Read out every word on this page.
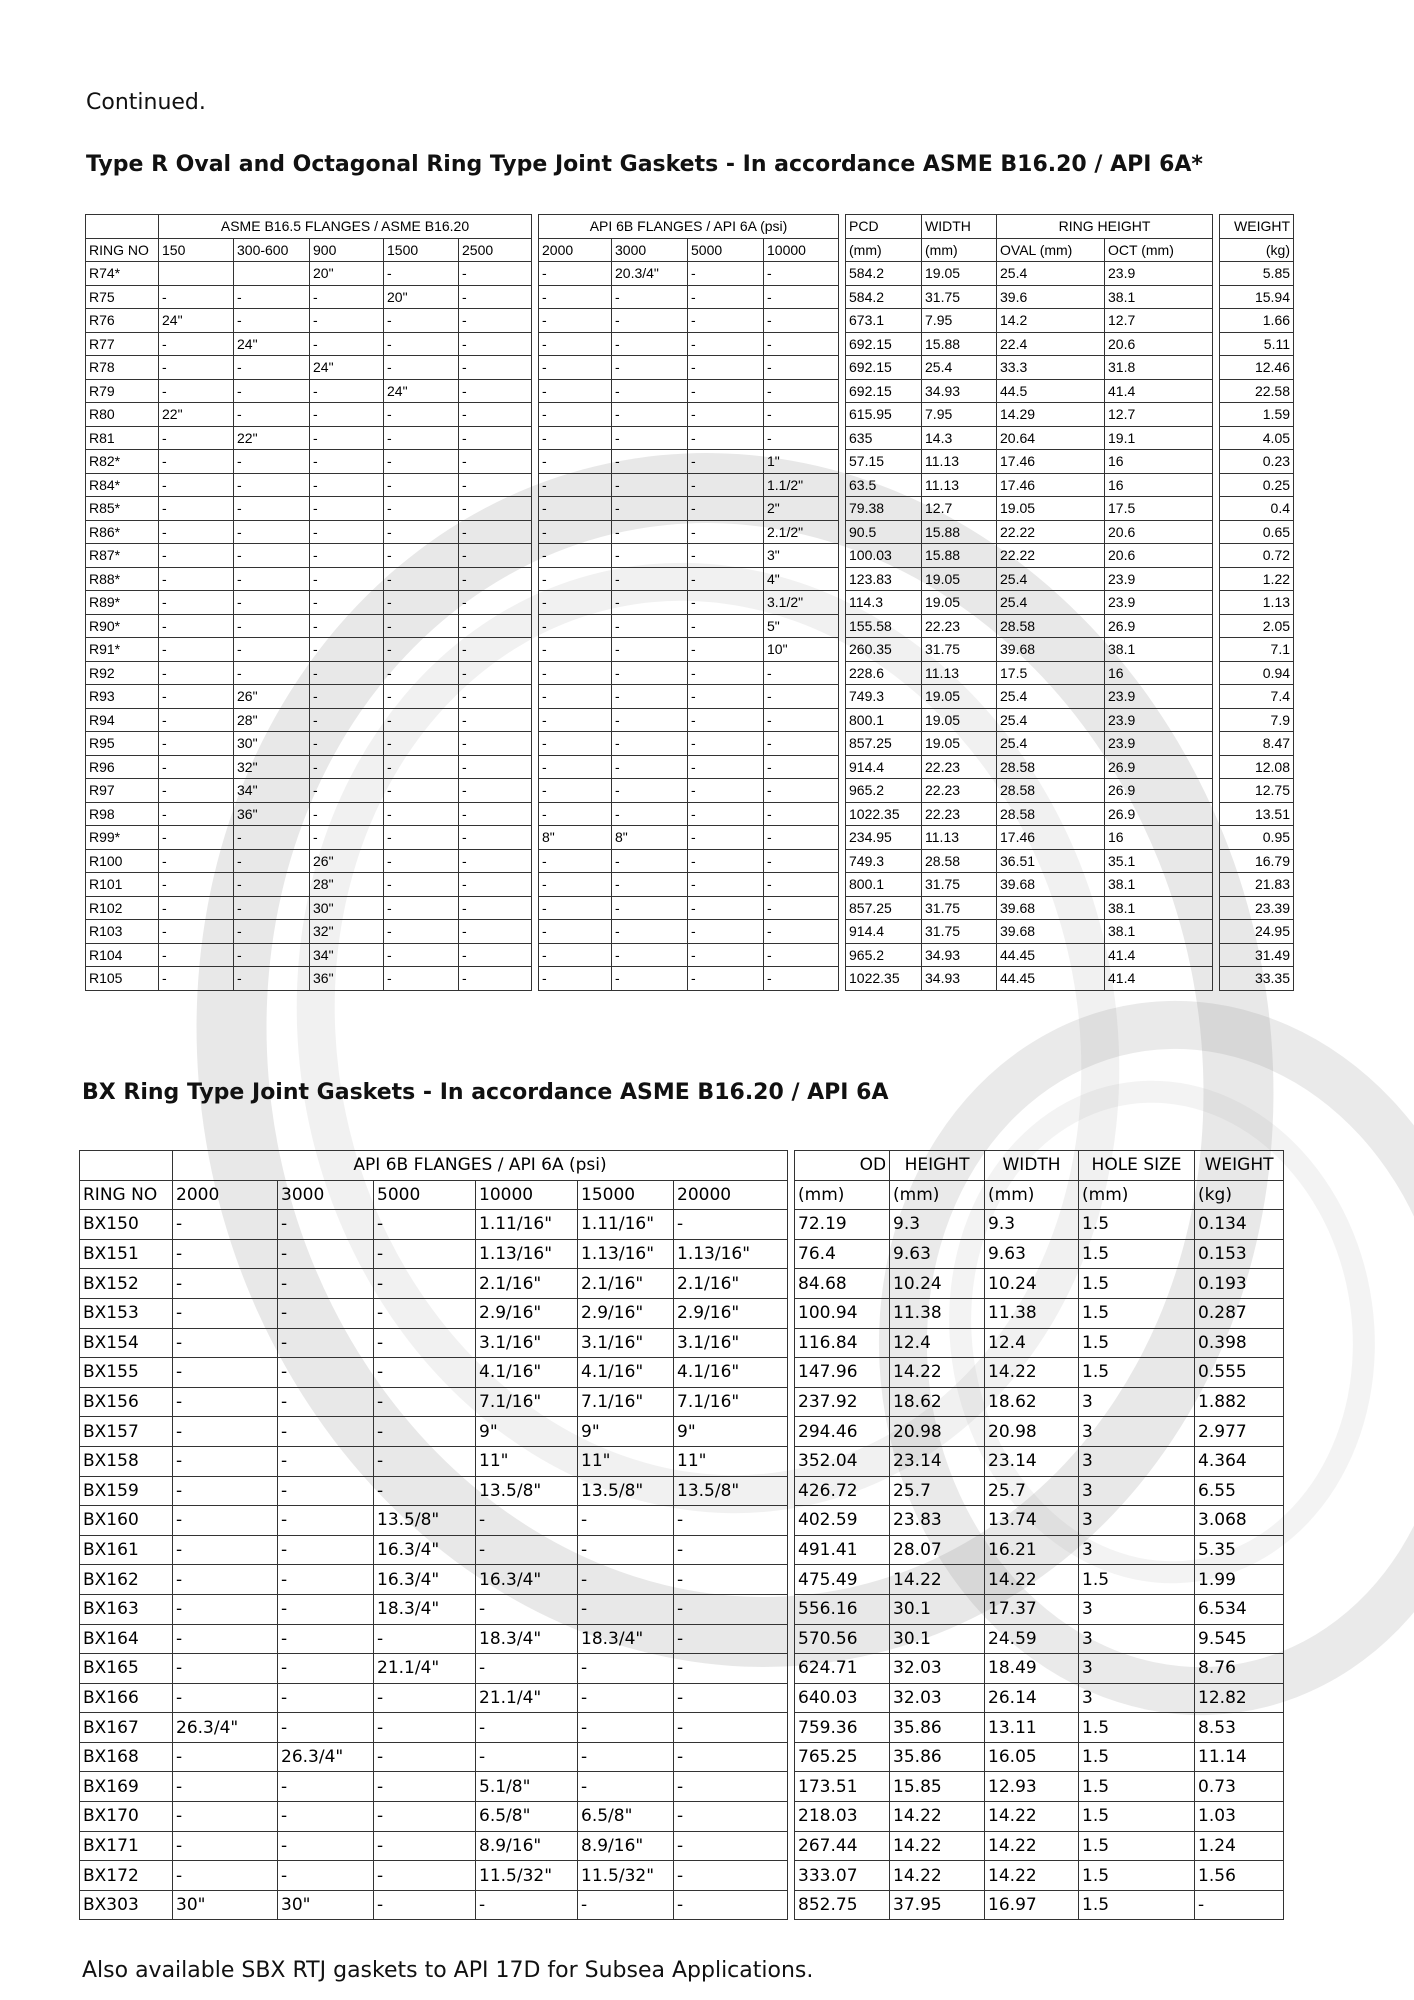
Continued.
Type R Oval and Octagonal Ring Type Joint Gaskets - In accordance ASME B16.20 / API 6A*
	ASME B16.5 FLANGES / ASME B16.20						API 6B FLANGES / API 6A (psi)					PCD	WIDTH	RING HEIGHT			WEIGHT
RING NO	150	300-600	900	1500	2500		2000	3000	5000	10000		(mm)	(mm)	OVAL (mm)	OCT (mm)		(kg)
R74*			20"	-	-		-	20.3/4"	-	-		584.2	19.05	25.4	23.9		5.85
R75	-	-	-	20"	-		-	-	-	-		584.2	31.75	39.6	38.1		15.94
R76	24"	-	-	-	-		-	-	-	-		673.1	7.95	14.2	12.7		1.66
R77	-	24"	-	-	-		-	-	-	-		692.15	15.88	22.4	20.6		5.11
R78	-	-	24"	-	-		-	-	-	-		692.15	25.4	33.3	31.8		12.46
R79	-	-	-	24"	-		-	-	-	-		692.15	34.93	44.5	41.4		22.58
R80	22"	-	-	-	-		-	-	-	-		615.95	7.95	14.29	12.7		1.59
R81	-	22"	-	-	-		-	-	-	-		635	14.3	20.64	19.1		4.05
R82*	-	-	-	-	-		-	-	-	1"		57.15	11.13	17.46	16		0.23
R84*	-	-	-	-	-		-	-	-	1.1/2"		63.5	11.13	17.46	16		0.25
R85*	-	-	-	-	-		-	-	-	2"		79.38	12.7	19.05	17.5		0.4
R86*	-	-	-	-	-		-	-	-	2.1/2"		90.5	15.88	22.22	20.6		0.65
R87*	-	-	-	-	-		-	-	-	3"		100.03	15.88	22.22	20.6		0.72
R88*	-	-	-	-	-		-	-	-	4"		123.83	19.05	25.4	23.9		1.22
R89*	-	-	-	-	-		-	-	-	3.1/2"		114.3	19.05	25.4	23.9		1.13
R90*	-	-	-	-	-		-	-	-	5"		155.58	22.23	28.58	26.9		2.05
R91*	-	-	-	-	-		-	-	-	10"		260.35	31.75	39.68	38.1		7.1
R92	-	-	-	-	-		-	-	-	-		228.6	11.13	17.5	16		0.94
R93	-	26"	-	-	-		-	-	-	-		749.3	19.05	25.4	23.9		7.4
R94	-	28"	-	-	-		-	-	-	-		800.1	19.05	25.4	23.9		7.9
R95	-	30"	-	-	-		-	-	-	-		857.25	19.05	25.4	23.9		8.47
R96	-	32"	-	-	-		-	-	-	-		914.4	22.23	28.58	26.9		12.08
R97	-	34"	-	-	-		-	-	-	-		965.2	22.23	28.58	26.9		12.75
R98	-	36"	-	-	-		-	-	-	-		1022.35	22.23	28.58	26.9		13.51
R99*	-	-	-	-	-		8"	8"	-	-		234.95	11.13	17.46	16		0.95
R100	-	-	26"	-	-		-	-	-	-		749.3	28.58	36.51	35.1		16.79
R101	-	-	28"	-	-		-	-	-	-		800.1	31.75	39.68	38.1		21.83
R102	-	-	30"	-	-		-	-	-	-		857.25	31.75	39.68	38.1		23.39
R103	-	-	32"	-	-		-	-	-	-		914.4	31.75	39.68	38.1		24.95
R104	-	-	34"	-	-		-	-	-	-		965.2	34.93	44.45	41.4		31.49
R105	-	-	36"	-	-		-	-	-	-		1022.35	34.93	44.45	41.4		33.35
BX Ring Type Joint Gaskets - In accordance ASME B16.20 / API 6A
	API 6B FLANGES / API 6A (psi)							OD	HEIGHT	WIDTH	HOLE SIZE	WEIGHT
RING NO	2000	3000	5000	10000	15000	20000		(mm)	(mm)	(mm)	(mm)	(kg)
BX150	-	-	-	1.11/16"	1.11/16"	-		72.19	9.3	9.3	1.5	0.134
BX151	-	-	-	1.13/16"	1.13/16"	1.13/16"		76.4	9.63	9.63	1.5	0.153
BX152	-	-	-	2.1/16"	2.1/16"	2.1/16"		84.68	10.24	10.24	1.5	0.193
BX153	-	-	-	2.9/16"	2.9/16"	2.9/16"		100.94	11.38	11.38	1.5	0.287
BX154	-	-	-	3.1/16"	3.1/16"	3.1/16"		116.84	12.4	12.4	1.5	0.398
BX155	-	-	-	4.1/16"	4.1/16"	4.1/16"		147.96	14.22	14.22	1.5	0.555
BX156	-	-	-	7.1/16"	7.1/16"	7.1/16"		237.92	18.62	18.62	3	1.882
BX157	-	-	-	9"	9"	9"		294.46	20.98	20.98	3	2.977
BX158	-	-	-	11"	11"	11"		352.04	23.14	23.14	3	4.364
BX159	-	-	-	13.5/8"	13.5/8"	13.5/8"		426.72	25.7	25.7	3	6.55
BX160	-	-	13.5/8"	-	-	-		402.59	23.83	13.74	3	3.068
BX161	-	-	16.3/4"	-	-	-		491.41	28.07	16.21	3	5.35
BX162	-	-	16.3/4"	16.3/4"	-	-		475.49	14.22	14.22	1.5	1.99
BX163	-	-	18.3/4"	-	-	-		556.16	30.1	17.37	3	6.534
BX164	-	-	-	18.3/4"	18.3/4"	-		570.56	30.1	24.59	3	9.545
BX165	-	-	21.1/4"	-	-	-		624.71	32.03	18.49	3	8.76
BX166	-	-	-	21.1/4"	-	-		640.03	32.03	26.14	3	12.82
BX167	26.3/4"	-	-	-	-	-		759.36	35.86	13.11	1.5	8.53
BX168	-	26.3/4"	-	-	-	-		765.25	35.86	16.05	1.5	11.14
BX169	-	-	-	5.1/8"	-	-		173.51	15.85	12.93	1.5	0.73
BX170	-	-	-	6.5/8"	6.5/8"	-		218.03	14.22	14.22	1.5	1.03
BX171	-	-	-	8.9/16"	8.9/16"	-		267.44	14.22	14.22	1.5	1.24
BX172	-	-	-	11.5/32"	11.5/32"	-		333.07	14.22	14.22	1.5	1.56
BX303	30"	30"	-	-	-	-		852.75	37.95	16.97	1.5	-
Also available SBX RTJ gaskets to API 17D for Subsea Applications.
